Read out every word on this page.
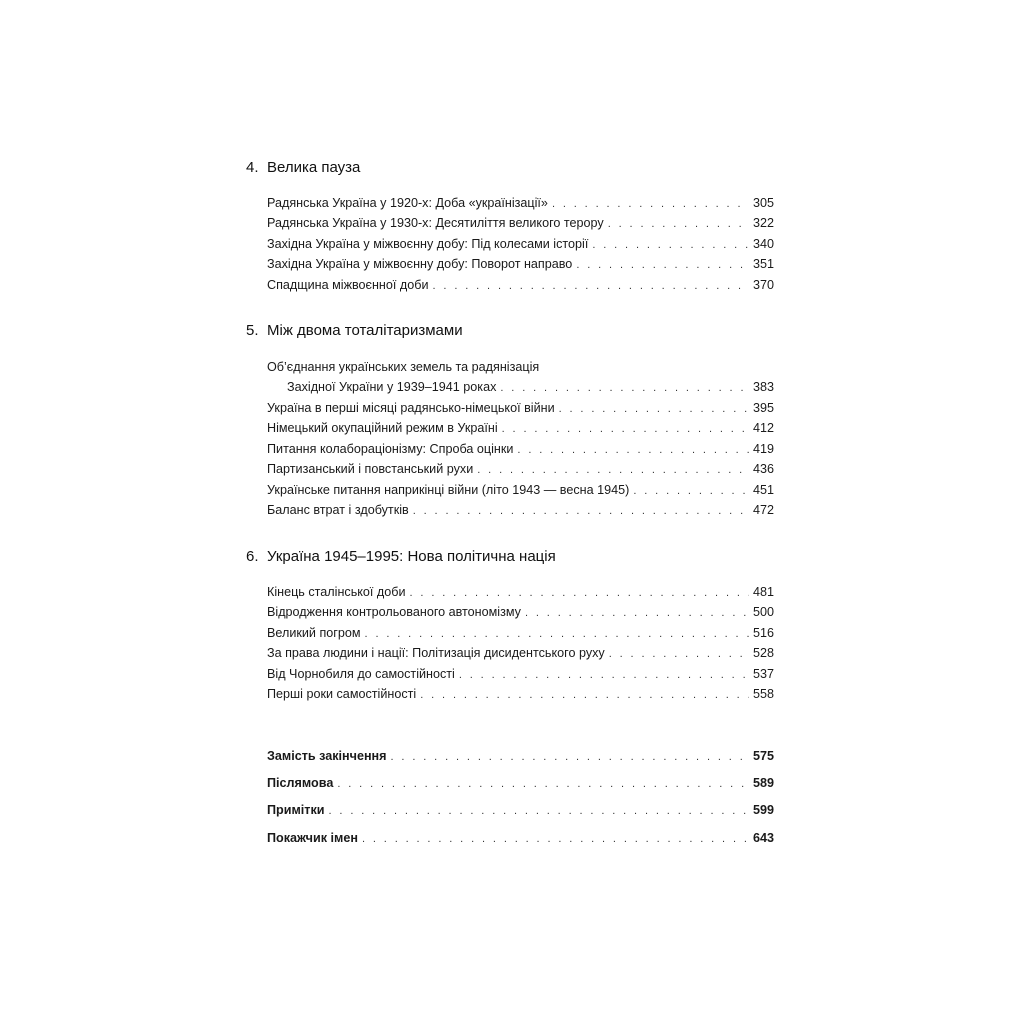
4. Велика пауза
Радянська Україна у 1920-х: Доба «українізації» . . .	305
Радянська Україна у 1930-х: Десятиліття великого терору . . .	322
Західна Україна у міжвоєнну добу: Під колесами історії . . .	340
Західна Україна у міжвоєнну добу: Поворот направо . . .	351
Спадщина міжвоєнної доби . . .	370
5. Між двома тоталітаризмами
Об’єднання українських земель та радянізація
Західної України у 1939–1941 роках . . .	383
Україна в перші місяці радянсько-німецької війни . . .	395
Німецький окупаційний режим в Україні . . .	412
Питання колабораціонізму: Спроба оцінки . . .	419
Партизанський і повстанський рухи . . .	436
Українське питання наприкінці війни (літо 1943 — весна 1945) . . .	451
Баланс втрат і здобутків . . .	472
6. Україна 1945–1995: Нова політична нація
Кінець сталінської доби . . .	481
Відродження контрольованого автономізму . . .	500
Великий погром . . .	516
За права людини і нації: Політизація дисидентського руху . . .	528
Від Чорнобиля до самостійності . . .	537
Перші роки самостійності . . .	558
Замість закінчення . . .	575
Післямова . . .	589
Примітки . . .	599
Покажчик імен . . .	643
